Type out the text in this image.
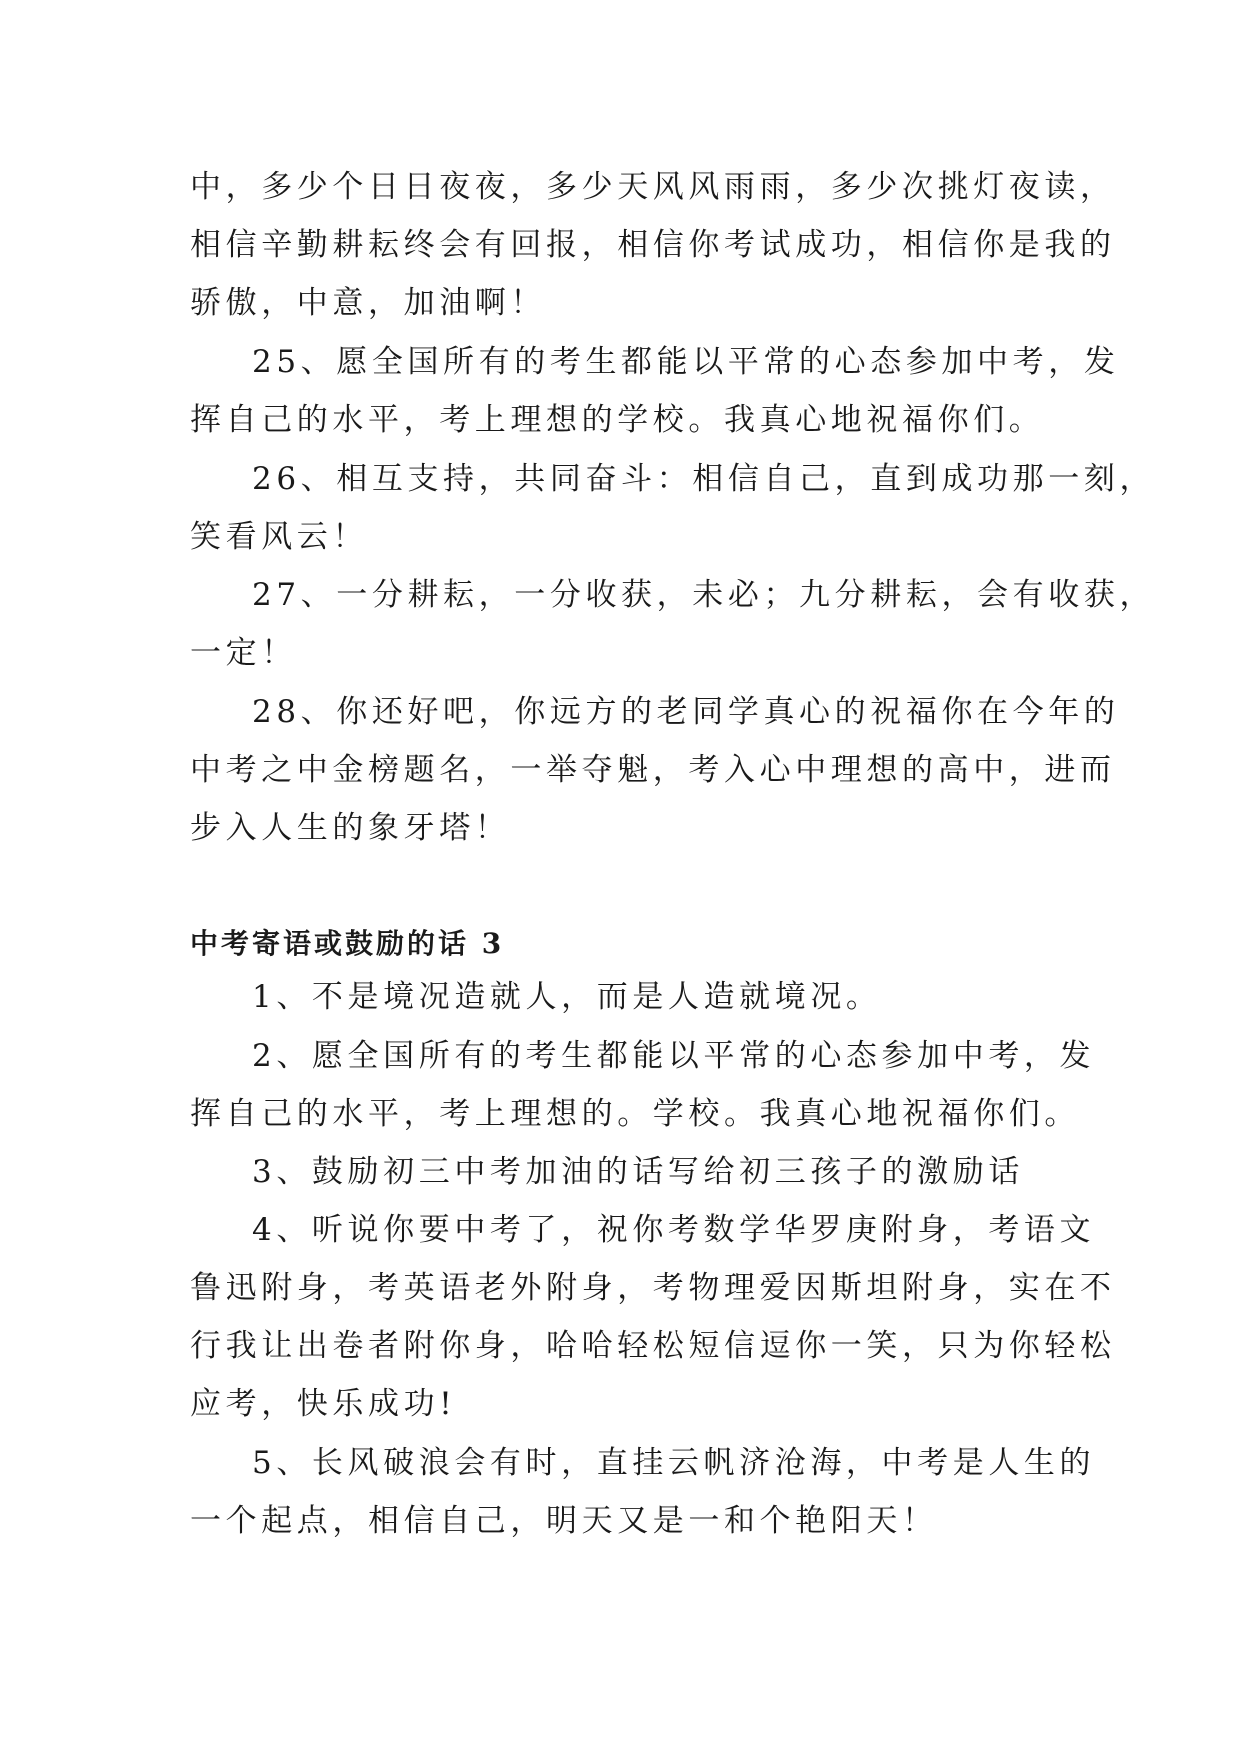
中，多少个日日夜夜，多少天风风雨雨，多少次挑灯夜读，
相信辛勤耕耘终会有回报，相信你考试成功，相信你是我的
骄傲，中意，加油啊！

25、愿全国所有的考生都能以平常的心态参加中考，发
挥自己的水平，考上理想的学校。我真心地祝福你们。

26、相互支持，共同奋斗：相信自己，直到成功那一刻，
笑看风云！

27、一分耕耘，一分收获，未必；九分耕耘，会有收获，
一定！

28、你还好吧，你远方的老同学真心的祝福你在今年的
中考之中金榜题名，一举夺魁，考入心中理想的高中，进而
步入人生的象牙塔！

中考寄语或鼓励的话 3

1、不是境况造就人，而是人造就境况。

2、愿全国所有的考生都能以平常的心态参加中考，发
挥自己的水平，考上理想的。学校。我真心地祝福你们。

3、鼓励初三中考加油的话写给初三孩子的激励话

4、听说你要中考了，祝你考数学华罗庚附身，考语文
鲁迅附身，考英语老外附身，考物理爱因斯坦附身，实在不
行我让出卷者附你身，哈哈轻松短信逗你一笑，只为你轻松
应考，快乐成功!

5、长风破浪会有时，直挂云帆济沧海，中考是人生的
一个起点，相信自己，明天又是一和个艳阳天！
